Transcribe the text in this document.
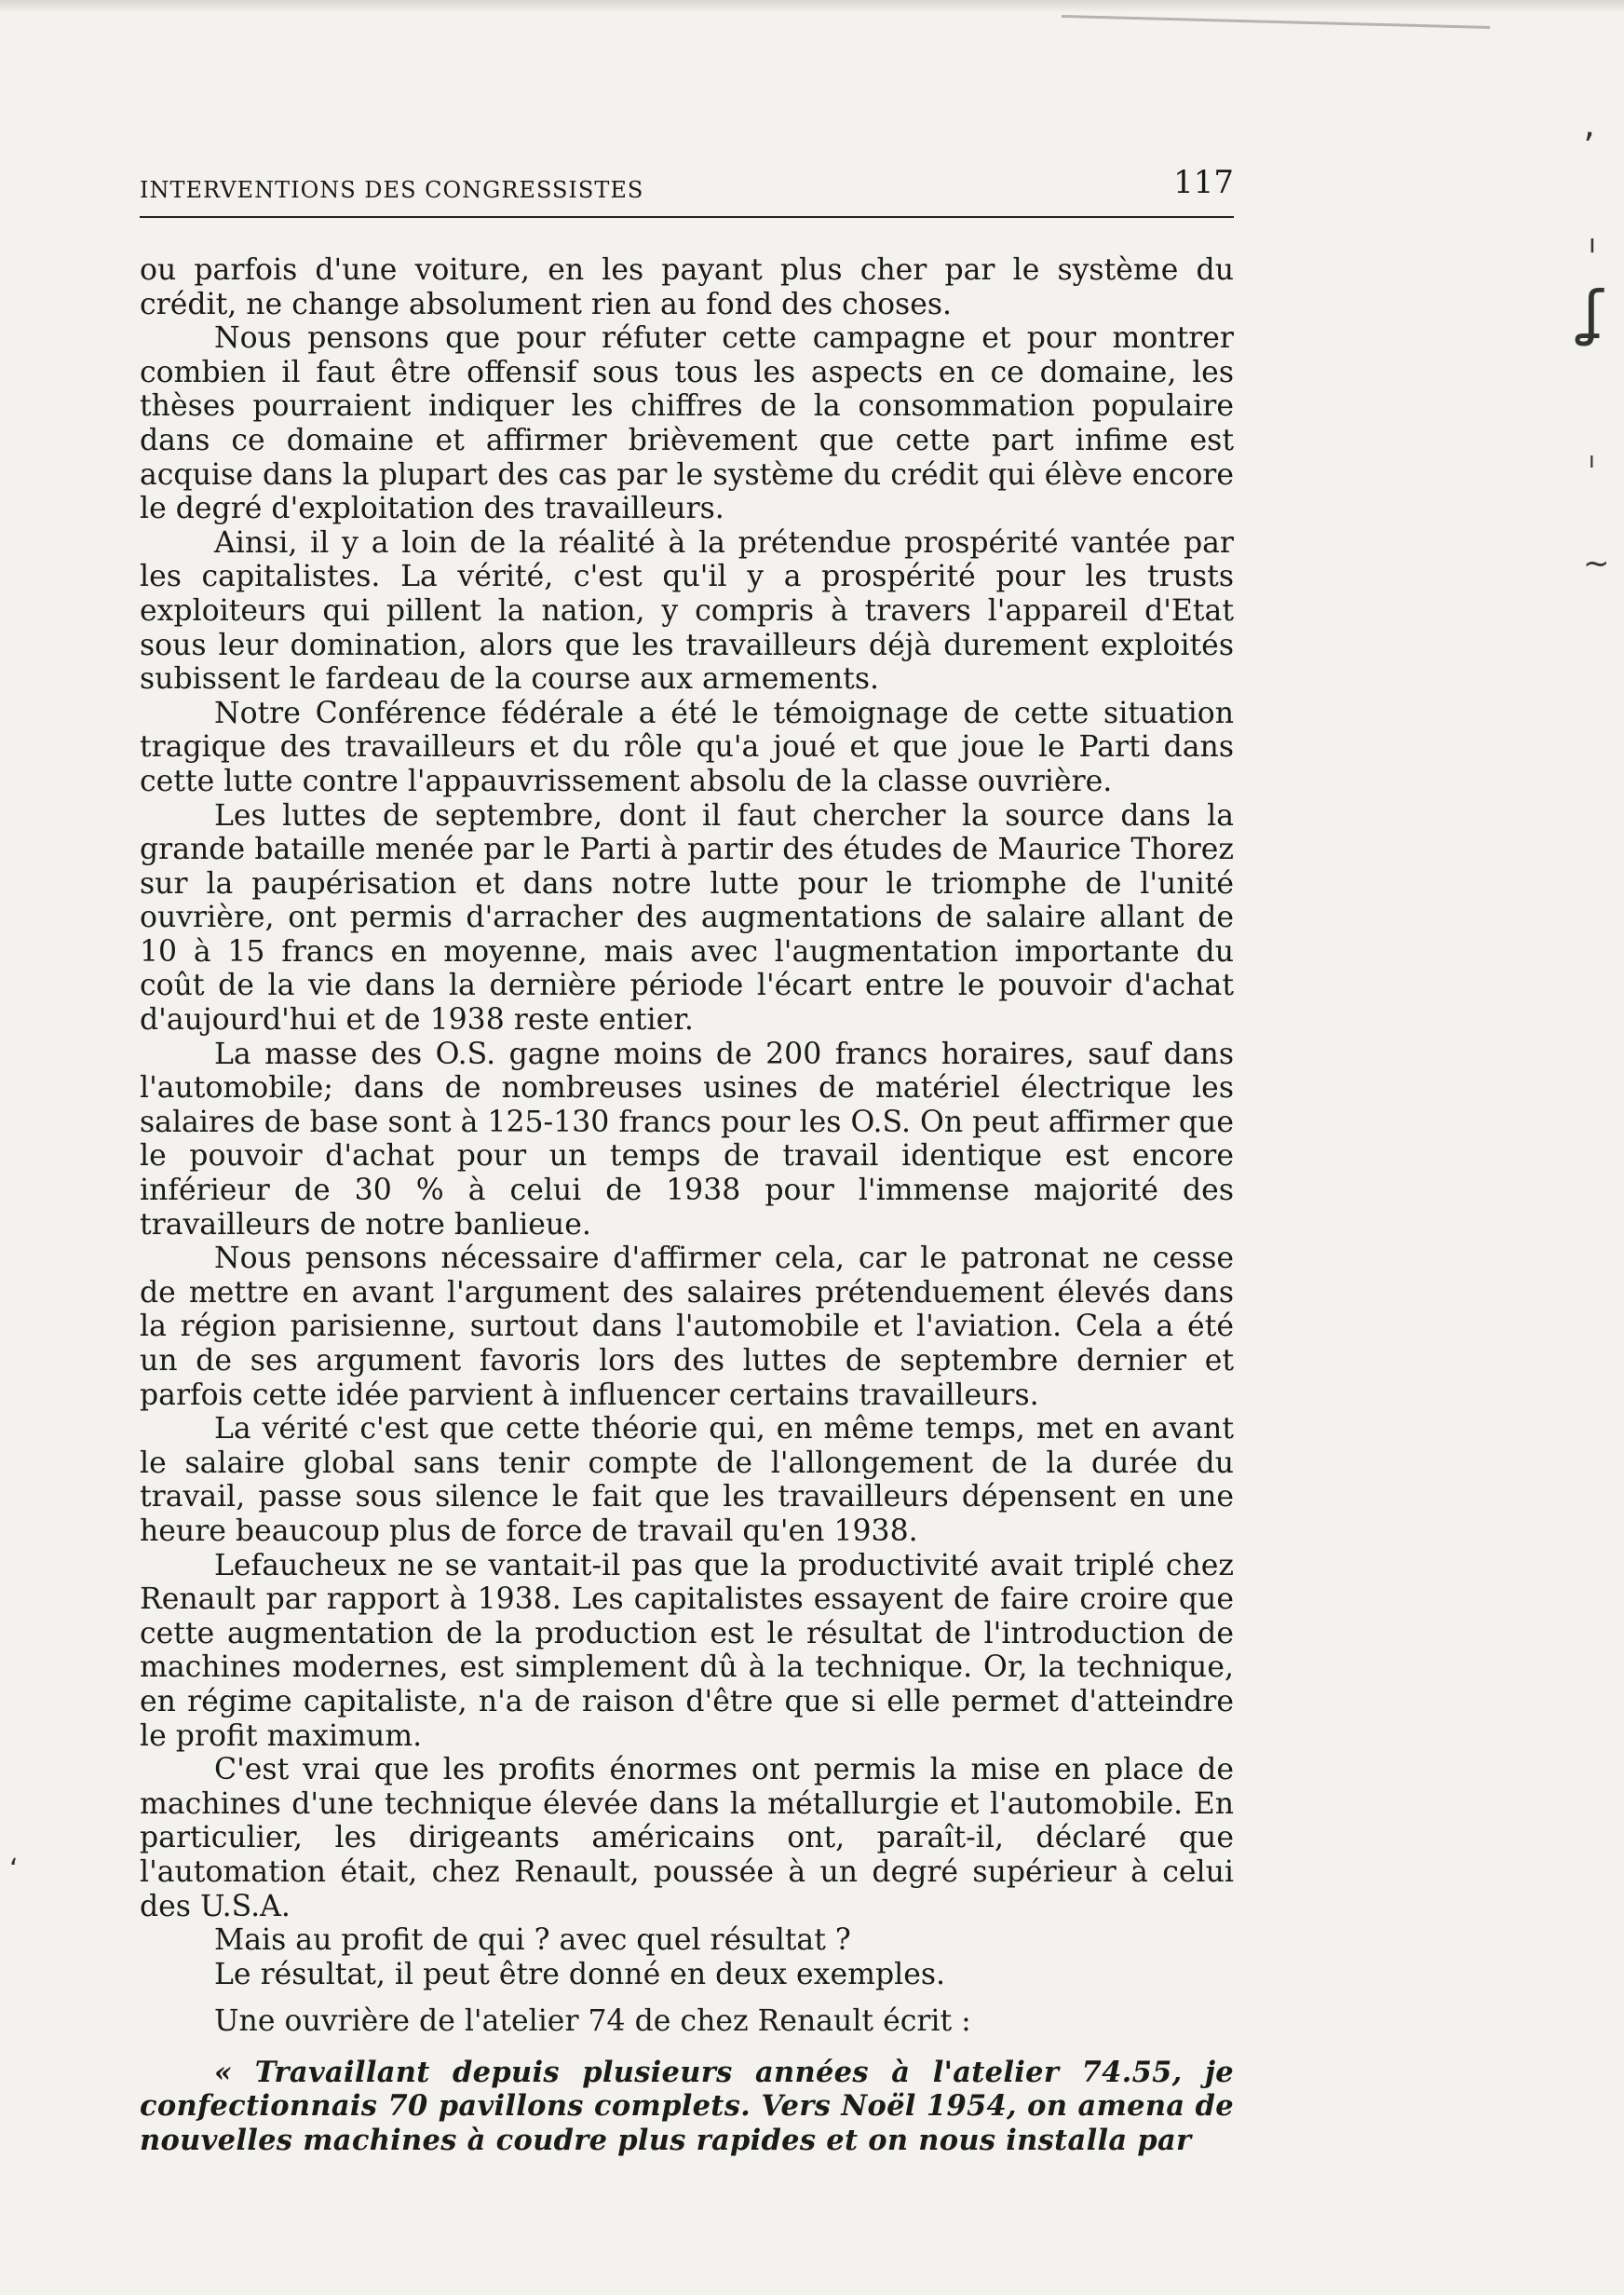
ʼ
ı
ʆ
ı
~
ʻ
INTERVENTIONS DES CONGRESSISTES	117

ou parfois d'une voiture, en les payant plus cher par le système du crédit, ne change absolument rien au fond des choses.

Nous pensons que pour réfuter cette campagne et pour montrer combien il faut être offensif sous tous les aspects en ce domaine, les thèses pourraient indiquer les chiffres de la consommation populaire dans ce domaine et affirmer brièvement que cette part infime est acquise dans la plupart des cas par le système du crédit qui élève encore le degré d'exploitation des travailleurs.

Ainsi, il y a loin de la réalité à la prétendue prospérité vantée par les capitalistes. La vérité, c'est qu'il y a prospérité pour les trusts exploiteurs qui pillent la nation, y compris à travers l'appareil d'Etat sous leur domination, alors que les travailleurs déjà durement exploités subissent le fardeau de la course aux armements.

Notre Conférence fédérale a été le témoignage de cette situation tragique des travailleurs et du rôle qu'a joué et que joue le Parti dans cette lutte contre l'appauvrissement absolu de la classe ouvrière.

Les luttes de septembre, dont il faut chercher la source dans la grande bataille menée par le Parti à partir des études de Maurice Thorez sur la paupérisation et dans notre lutte pour le triomphe de l'unité ouvrière, ont permis d'arracher des augmentations de salaire allant de 10 à 15 francs en moyenne, mais avec l'augmentation importante du coût de la vie dans la dernière période l'écart entre le pouvoir d'achat d'aujourd'hui et de 1938 reste entier.

La masse des O.S. gagne moins de 200 francs horaires, sauf dans l'automobile; dans de nombreuses usines de matériel électrique les salaires de base sont à 125-130 francs pour les O.S. On peut affirmer que le pouvoir d'achat pour un temps de travail identique est encore inférieur de 30 % à celui de 1938 pour l'immense majorité des travailleurs de notre banlieue.

Nous pensons nécessaire d'affirmer cela, car le patronat ne cesse de mettre en avant l'argument des salaires prétenduement élevés dans la région parisienne, surtout dans l'automobile et l'aviation. Cela a été un de ses argument favoris lors des luttes de septembre dernier et parfois cette idée parvient à influencer certains travailleurs.

La vérité c'est que cette théorie qui, en même temps, met en avant le salaire global sans tenir compte de l'allongement de la durée du travail, passe sous silence le fait que les travailleurs dépensent en une heure beaucoup plus de force de travail qu'en 1938.

Lefaucheux ne se vantait-il pas que la productivité avait triplé chez Renault par rapport à 1938. Les capitalistes essayent de faire croire que cette augmentation de la production est le résultat de l'introduction de machines modernes, est simplement dû à la technique. Or, la technique, en régime capitaliste, n'a de raison d'être que si elle permet d'atteindre le profit maximum.

C'est vrai que les profits énormes ont permis la mise en place de machines d'une technique élevée dans la métallurgie et l'automobile. En particulier, les dirigeants américains ont, paraît-il, déclaré que l'automation était, chez Renault, poussée à un degré supérieur à celui des U.S.A.

Mais au profit de qui ? avec quel résultat ?

Le résultat, il peut être donné en deux exemples.

Une ouvrière de l'atelier 74 de chez Renault écrit :

« Travaillant depuis plusieurs années à l'atelier 74.55, je confectionnais 70 pavillons complets. Vers Noël 1954, on amena de nouvelles machines à coudre plus rapides et on nous installa par
